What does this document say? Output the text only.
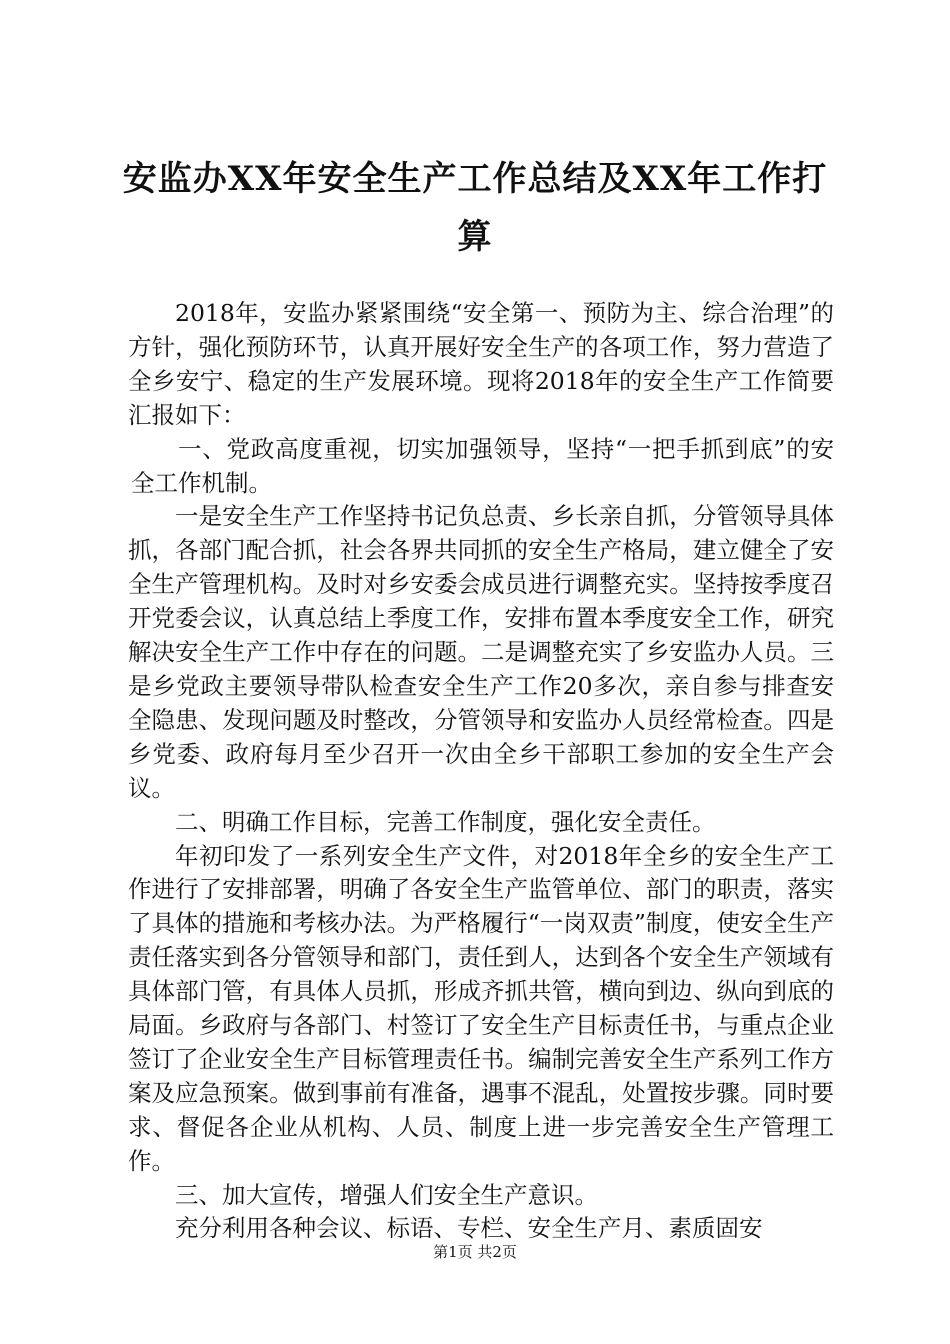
安监办XX年安全生产工作总结及XX年工作打算

2018年，安监办紧紧围绕“安全第一、预防为主、综合治理”的方针，强化预防环节，认真开展好安全生产的各项工作，努力营造了全乡安宁、稳定的生产发展环境。现将2018年的安全生产工作简要汇报如下：

一、党政高度重视，切实加强领导，坚持“一把手抓到底”的安全工作机制。

一是安全生产工作坚持书记负总责、乡长亲自抓，分管领导具体抓，各部门配合抓，社会各界共同抓的安全生产格局，建立健全了安全生产管理机构。及时对乡安委会成员进行调整充实。坚持按季度召开党委会议，认真总结上季度工作，安排布置本季度安全工作，研究解决安全生产工作中存在的问题。二是调整充实了乡安监办人员。三是乡党政主要领导带队检查安全生产工作20多次，亲自参与排查安全隐患、发现问题及时整改，分管领导和安监办人员经常检查。四是乡党委、政府每月至少召开一次由全乡干部职工参加的安全生产会议。

二、明确工作目标，完善工作制度，强化安全责任。

年初印发了一系列安全生产文件，对2018年全乡的安全生产工作进行了安排部署，明确了各安全生产监管单位、部门的职责，落实了具体的措施和考核办法。为严格履行“一岗双责”制度，使安全生产责任落实到各分管领导和部门，责任到人，达到各个安全生产领域有具体部门管，有具体人员抓，形成齐抓共管，横向到边、纵向到底的局面。乡政府与各部门、村签订了安全生产目标责任书，与重点企业签订了企业安全生产目标管理责任书。编制完善安全生产系列工作方案及应急预案。做到事前有准备，遇事不混乱，处置按步骤。同时要求、督促各企业从机构、人员、制度上进一步完善安全生产管理工作。

三、加大宣传，增强人们安全生产意识。

充分利用各种会议、标语、专栏、安全生产月、素质固安

第1页 共2页
